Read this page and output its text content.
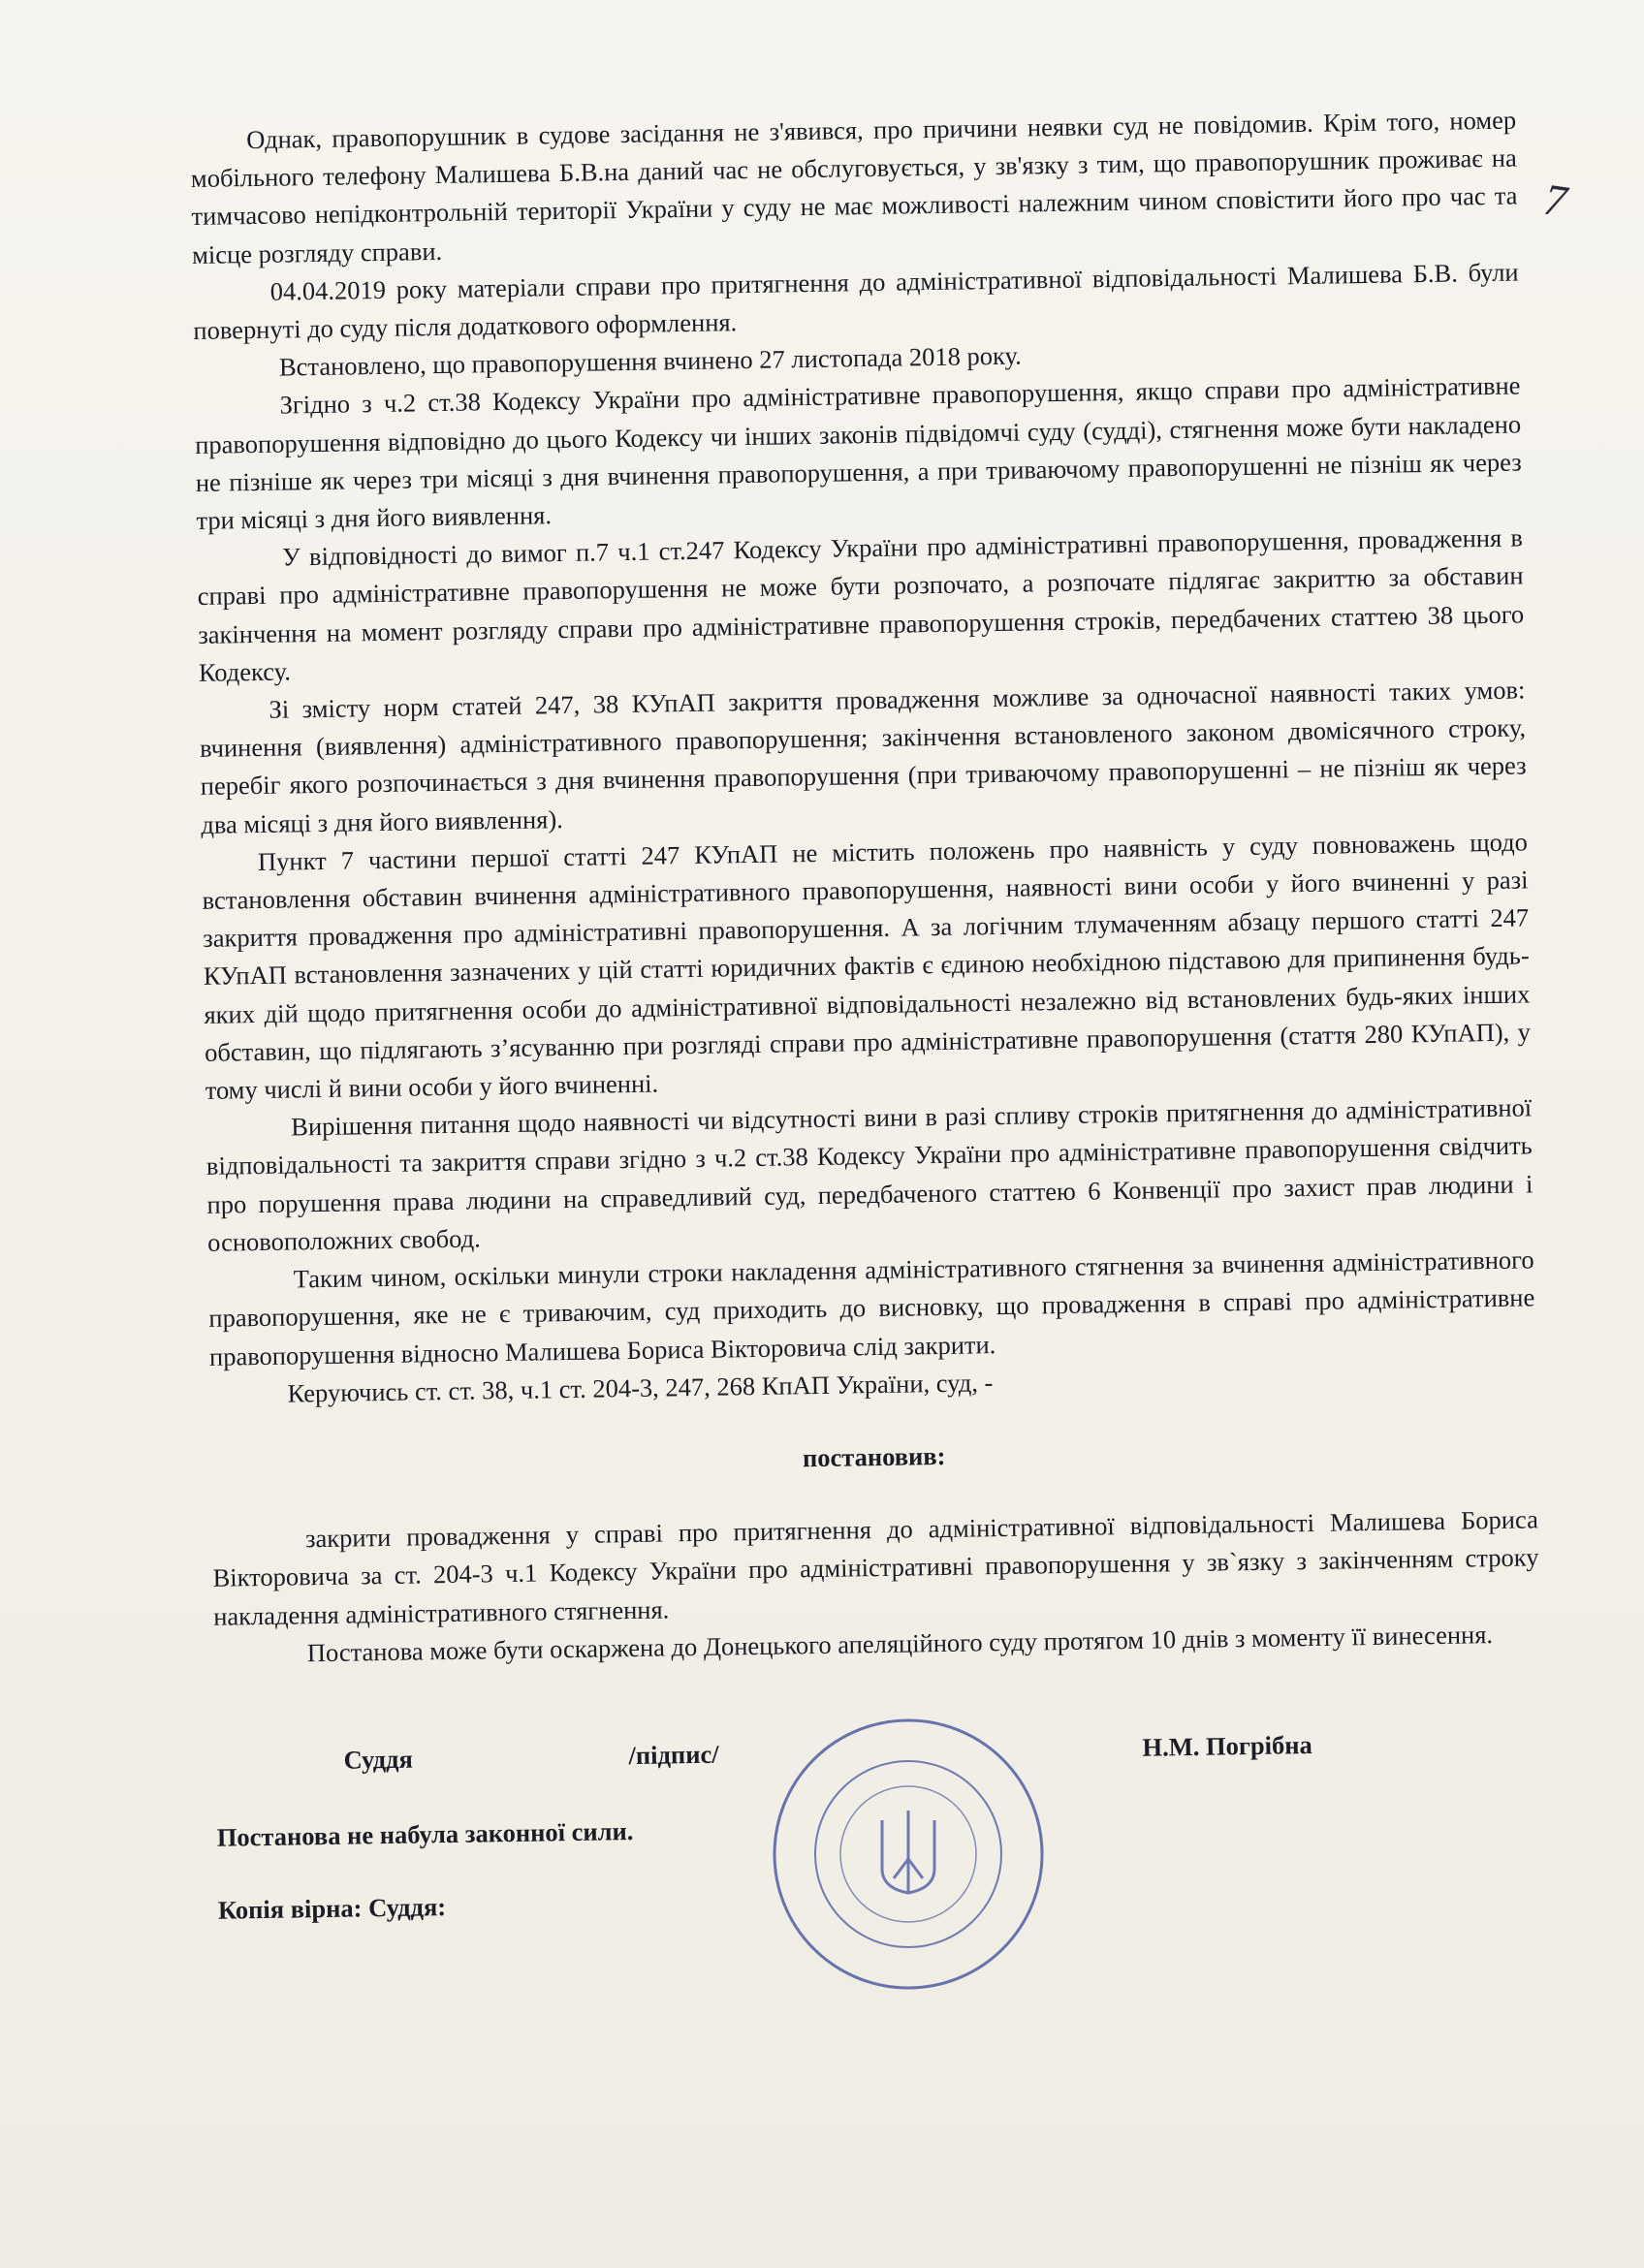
7

Однак, правопорушник в судове засідання не з'явився, про причини неявки суд не повідомив. Крім того, номер мобільного телефону Малишева Б.В.на даний час не обслуговується, у зв'язку з тим, що правопорушник проживає на тимчасово непідконтрольній території України у суду не має можливості належним чином сповістити його про час та місце розгляду справи.

04.04.2019 року матеріали справи про притягнення до адміністративної відповідальності Малишева Б.В. були повернуті до суду після додаткового оформлення.

Встановлено, що правопорушення вчинено 27 листопада 2018 року.

Згідно з ч.2 ст.38 Кодексу України про адміністративне правопорушення, якщо справи про адміністративне правопорушення відповідно до цього Кодексу чи інших законів підвідомчі суду (судді), стягнення може бути накладено не пізніше як через три місяці з дня вчинення правопорушення, а при триваючому правопорушенні не пізніш як через три місяці з дня його виявлення.

У відповідності до вимог п.7 ч.1 ст.247 Кодексу України про адміністративні правопорушення, провадження в справі про адміністративне правопорушення не може бути розпочато, а розпочате підлягає закриттю за обставин закінчення на момент розгляду справи про адміністративне правопорушення строків, передбачених статтею 38 цього Кодексу.

Зі змісту норм статей 247, 38 КУпАП закриття провадження можливе за одночасної наявності таких умов: вчинення (виявлення) адміністративного правопорушення; закінчення встановленого законом двомісячного строку, перебіг якого розпочинається з дня вчинення правопорушення (при триваючому правопорушенні – не пізніш як через два місяці з дня його виявлення).

Пункт 7 частини першої статті 247 КУпАП не містить положень про наявність у суду повноважень щодо встановлення обставин вчинення адміністративного правопорушення, наявності вини особи у його вчиненні у разі закриття провадження про адміністративні правопорушення. А за логічним тлумаченням абзацу першого статті 247 КУпАП встановлення зазначених у цій статті юридичних фактів є єдиною необхідною підставою для припинення будь-яких дій щодо притягнення особи до адміністративної відповідальності незалежно від встановлених будь-яких інших обставин, що підлягають з’ясуванню при розгляді справи про адміністративне правопорушення (стаття 280 КУпАП), у тому числі й вини особи у його вчиненні.

Вирішення питання щодо наявності чи відсутності вини в разі спливу строків притягнення до адміністративної відповідальності та закриття справи згідно з ч.2 ст.38 Кодексу України про адміністративне правопорушення свідчить про порушення права людини на справедливий суд, передбаченого статтею 6 Конвенції про захист прав людини і основоположних свобод.

Таким чином, оскільки минули строки накладення адміністративного стягнення за вчинення адміністративного правопорушення, яке не є триваючим, суд приходить до висновку, що провадження в справі про адміністративне правопорушення відносно Малишева Бориса Вікторовича слід закрити.

Керуючись ст. ст. 38, ч.1 ст. 204-3, 247, 268 КпАП України, суд, -

постановив:

закрити провадження у справі про притягнення до адміністративної відповідальності Малишева Бориса Вікторовича за ст. 204-3 ч.1 Кодексу України про адміністративні правопорушення у зв`язку з закінченням строку накладення адміністративного стягнення.

Постанова може бути оскаржена до Донецького апеляційного суду протягом 10 днів з моменту її винесення.

Суддя	/підпис/	Н.М. Погрібна

Постанова не набула законної сили.

Копія вірна: Суддя:
